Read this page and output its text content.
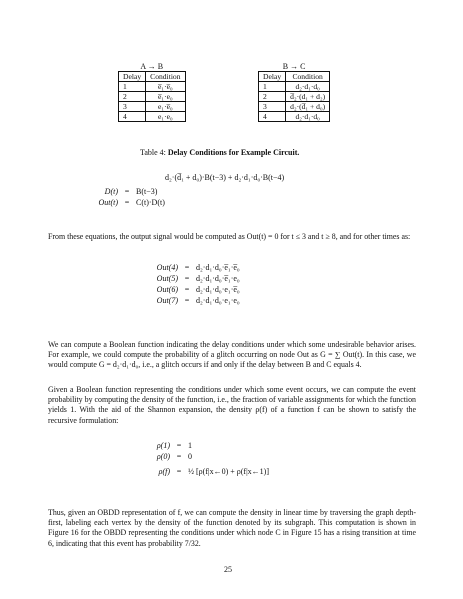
A → B
Delay	Condition
1	e̅₁·e̅₀
2	e̅₁·e₀
3	e₁·e̅₀
4	e₁·e₀
B → C
Delay	Condition
1	d₂·d₁·d₀
2	d̅₂·(d₁ + d₂)
3	d₂·(d̅₁ + d₀)
4	d₂·d₁·d₀
Table 4: Delay Conditions for Example Circuit.
d₂·(d̅₁ + d₀)·B(t−3) + d₂·d₁·d₀·B(t−4)
D(t) = B(t−3)
Out(t) = C(t)·D(t)
From these equations, the output signal would be computed as Out(t) = 0 for t ≤ 3 and t ≥ 8, and for other times as:
Out(4) = d₂·d₁·d₀·e̅₁·e̅₀
Out(5) = d₂·d₁·d₀·e̅₁·e₀
Out(6) = d₂·d₁·d₀·e₁·e̅₀
Out(7) = d₂·d₁·d₀·e₁·e₀
We can compute a Boolean function indicating the delay conditions under which some undesirable behavior arises. For example, we could compute the probability of a glitch occurring on node Out as G = ∑ Out(t). In this case, we would compute G = d₂·d₁·d₀, i.e., a glitch occurs if and only if the delay between B and C equals 4.
Given a Boolean function representing the conditions under which some event occurs, we can compute the event probability by computing the density of the function, i.e., the fraction of variable assignments for which the function yields 1. With the aid of the Shannon expansion, the density ρ(f) of a function f can be shown to satisfy the recursive formulation:
ρ(1) = 1
ρ(0) = 0
ρ(f) = ½ [ρ(f|x←0) + ρ(f|x←1)]
Thus, given an OBDD representation of f, we can compute the density in linear time by traversing the graph depth-first, labeling each vertex by the density of the function denoted by its subgraph. This computation is shown in Figure 16 for the OBDD representing the conditions under which node C in Figure 15 has a rising transition at time 6, indicating that this event has probability 7/32.
25
